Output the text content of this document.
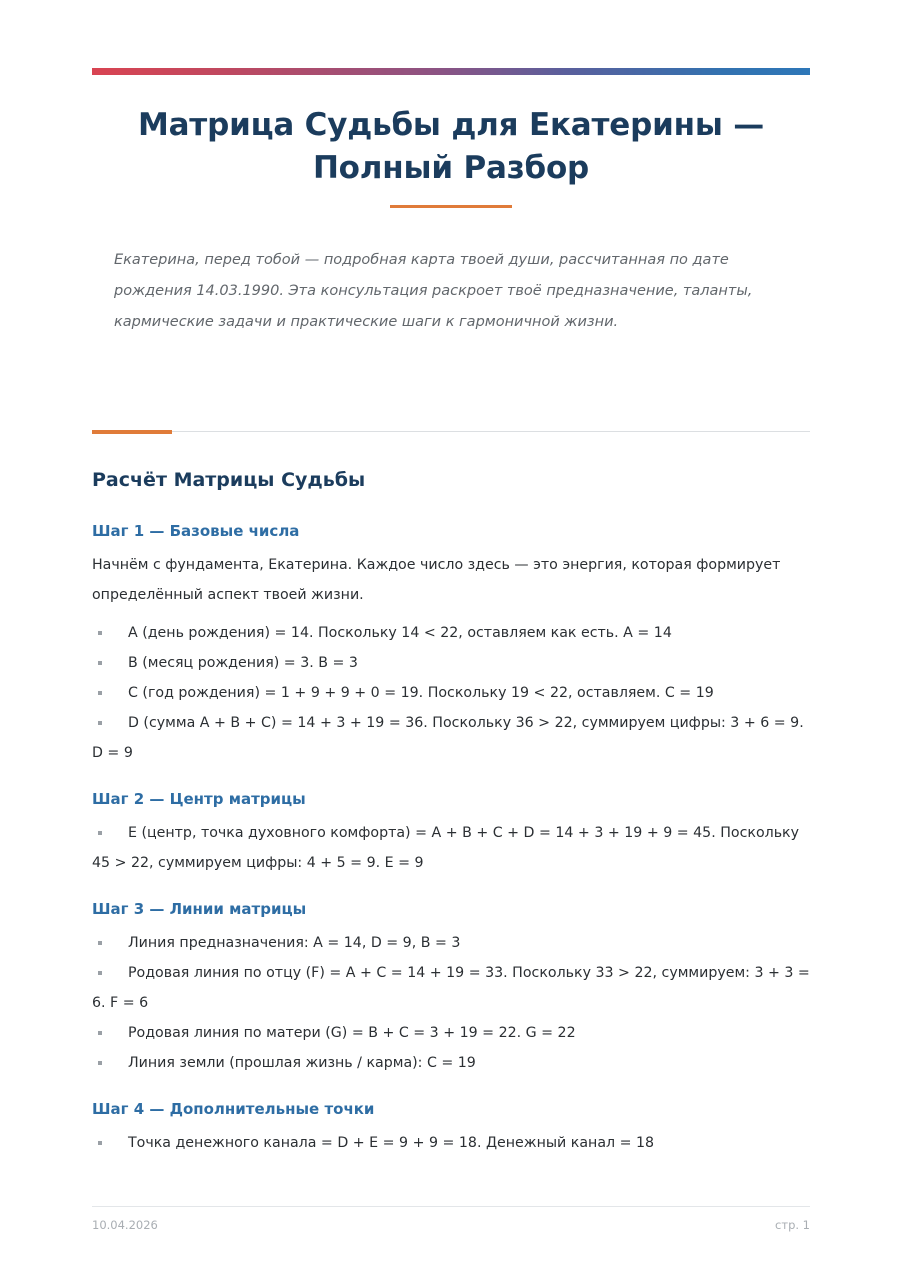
Матрица Судьбы для Екатерины — Полный Разбор

Екатерина, перед тобой — подробная карта твоей души, рассчитанная по дате рождения 14.03.1990. Эта консультация раскроет твоё предназначение, таланты, кармические задачи и практические шаги к гармоничной жизни.

Расчёт Матрицы Судьбы
Шаг 1 — Базовые числа

Начнём с фундамента, Екатерина. Каждое число здесь — это энергия, которая формирует определённый аспект твоей жизни.

A (день рождения) = 14. Поскольку 14 < 22, оставляем как есть. A = 14
B (месяц рождения) = 3. B = 3
C (год рождения) = 1 + 9 + 9 + 0 = 19. Поскольку 19 < 22, оставляем. C = 19
D (сумма A + B + C) = 14 + 3 + 19 = 36. Поскольку 36 > 22, суммируем цифры: 3 + 6 = 9. D = 9
Шаг 2 — Центр матрицы
E (центр, точка духовного комфорта) = A + B + C + D = 14 + 3 + 19 + 9 = 45. Поскольку 45 > 22, суммируем цифры: 4 + 5 = 9. E = 9
Шаг 3 — Линии матрицы
Линия предназначения: A = 14, D = 9, B = 3
Родовая линия по отцу (F) = A + C = 14 + 19 = 33. Поскольку 33 > 22, суммируем: 3 + 3 = 6. F = 6
Родовая линия по матери (G) = B + C = 3 + 19 = 22. G = 22
Линия земли (прошлая жизнь / карма): C = 19
Шаг 4 — Дополнительные точки
Точка денежного канала = D + E = 9 + 9 = 18. Денежный канал = 18
10.04.2026	стр. 1
